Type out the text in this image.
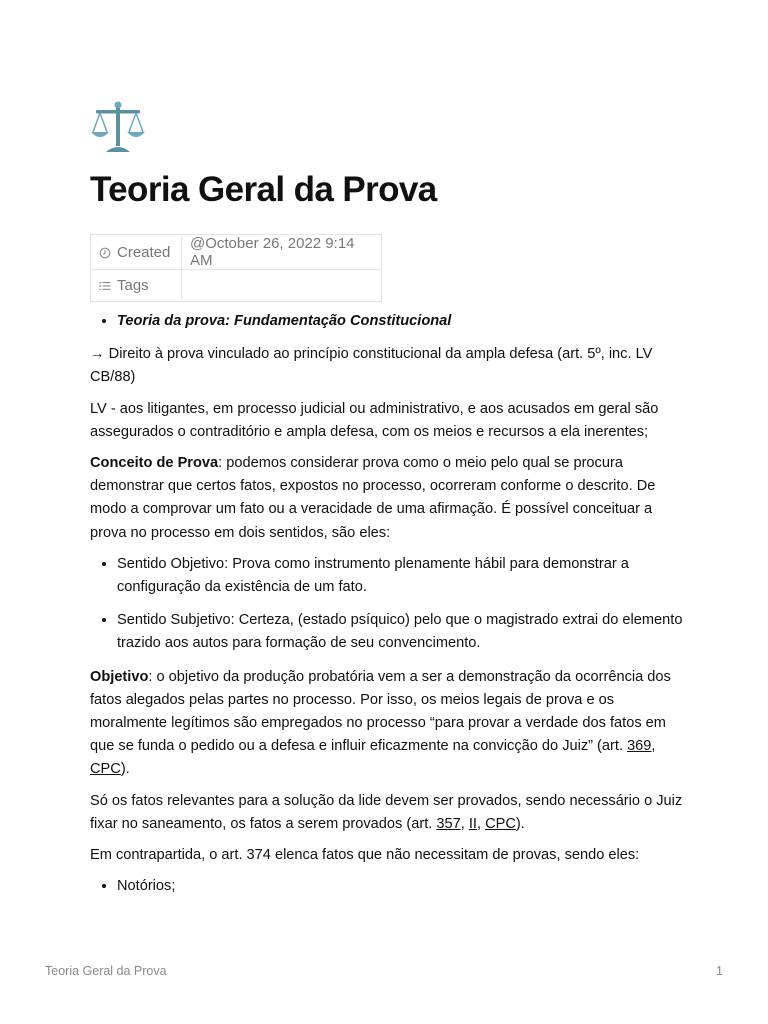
Teoria Geral da Prova
Created	@October 26, 2022 9:14 AM
Tags	
• Teoria da prova: Fundamentação Constitucional

→ Direito à prova vinculado ao princípio constitucional da ampla defesa (art. 5º, inc. LV CB/88)

LV - aos litigantes, em processo judicial ou administrativo, e aos acusados em geral são assegurados o contraditório e ampla defesa, com os meios e recursos a ela inerentes;

Conceito de Prova: podemos considerar prova como o meio pelo qual se procura demonstrar que certos fatos, expostos no processo, ocorreram conforme o descrito. De modo a comprovar um fato ou a veracidade de uma afirmação. É possível conceituar a prova no processo em dois sentidos, são eles:

• Sentido Objetivo: Prova como instrumento plenamente hábil para demonstrar a configuração da existência de um fato.
• Sentido Subjetivo: Certeza, (estado psíquico) pelo que o magistrado extrai do elemento trazido aos autos para formação de seu convencimento.

Objetivo: o objetivo da produção probatória vem a ser a demonstração da ocorrência dos fatos alegados pelas partes no processo. Por isso, os meios legais de prova e os moralmente legítimos são empregados no processo “para provar a verdade dos fatos em que se funda o pedido ou a defesa e influir eficazmente na convicção do Juiz” (art. 369, CPC).

Só os fatos relevantes para a solução da lide devem ser provados, sendo necessário o Juiz fixar no saneamento, os fatos a serem provados (art. 357, II, CPC).

Em contrapartida, o art. 374 elenca fatos que não necessitam de provas, sendo eles:

• Notórios;
Teoria Geral da Prova	1
